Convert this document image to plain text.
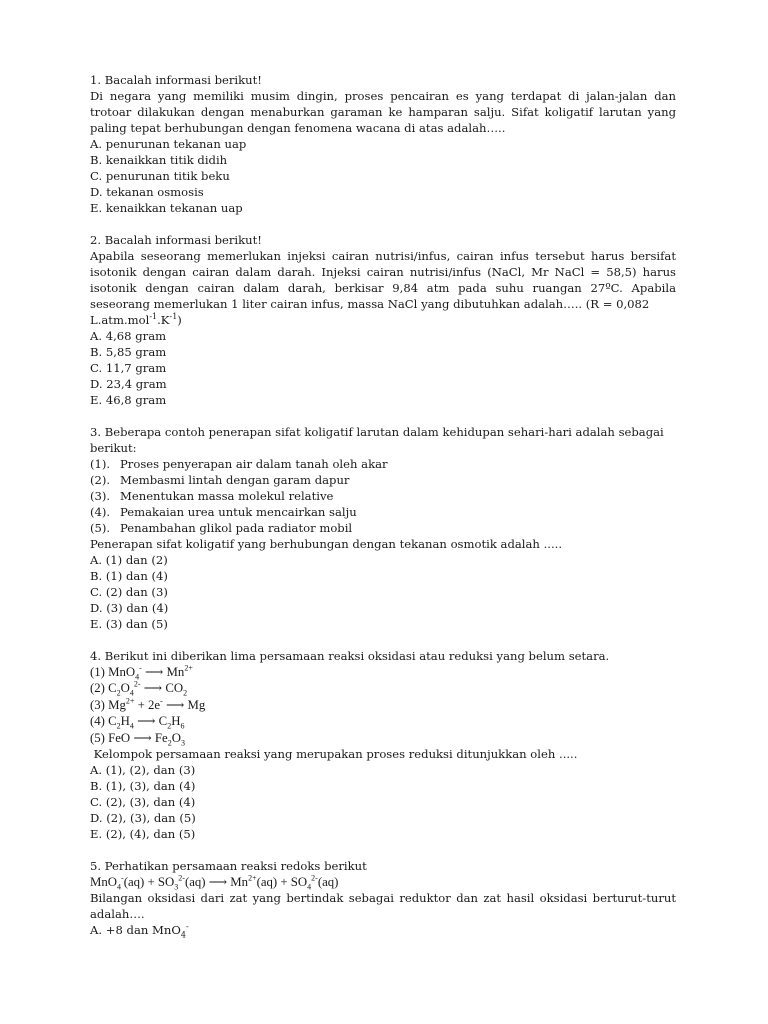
1. Bacalah informasi berikut!
Di negara yang memiliki musim dingin, proses pencairan es yang terdapat di jalan-jalan dan trotoar dilakukan dengan menaburkan garaman ke hamparan salju. Sifat koligatif larutan yang paling tepat berhubungan dengan fenomena wacana di atas adalah…..
A. penurunan tekanan uap
B. kenaikkan titik didih
C. penurunan titik beku
D. tekanan osmosis
E. kenaikkan tekanan uap
2. Bacalah informasi berikut!
Apabila seseorang memerlukan injeksi cairan nutrisi/infus, cairan infus tersebut harus bersifat isotonik dengan cairan dalam darah. Injeksi cairan nutrisi/infus (NaCl, Mr NaCl = 58,5) harus isotonik dengan cairan dalam darah, berkisar 9,84 atm pada suhu ruangan 27ºC. Apabila seseorang memerlukan 1 liter cairan infus, massa NaCl yang dibutuhkan adalah….. (R = 0,082
$L.atm.mol^{-1}.K^{-1}$)
A. 4,68 gram
B. 5,85 gram
C. 11,7 gram
D. 23,4 gram
E. 46,8 gram
3. Beberapa contoh penerapan sifat koligatif larutan dalam kehidupan sehari-hari adalah sebagai
berikut:
(1). Proses penyerapan air dalam tanah oleh akar
(2). Membasmi lintah dengan garam dapur
(3). Menentukan massa molekul relative
(4). Pemakaian urea untuk mencairkan salju
(5). Penambahan glikol pada radiator mobil
Penerapan sifat koligatif yang berhubungan dengan tekanan osmotik adalah .....
A. (1) dan (2)
B. (1) dan (4)
C. (2) dan (3)
D. (3) dan (4)
E. (3) dan (5)
4. Berikut ini diberikan lima persamaan reaksi oksidasi atau reduksi yang belum setara.
(1) MnO$_4$- ⟶ $Mn^{2+}$
(2) $C_2O_4^{2-}$ ⟶ $CO_2$
(3) $Mg^{2+} + 2e^-$ ⟶ Mg
(4) $C_2H_4$ ⟶ $C_2H_6$
(5) FeO ⟶ $Fe_2O_3$
Kelompok persamaan reaksi yang merupakan proses reduksi ditunjukkan oleh .....
A. (1), (2), dan (3)
B. (1), (3), dan (4)
C. (2), (3), dan (4)
D. (2), (3), dan (5)
E. (2), (4), dan (5)
5. Perhatikan persamaan reaksi redoks berikut
$MnO_4^-(aq) + SO_3^{2-}(aq)$ ⟶ $Mn^{2+}(aq) + SO_4^{2-}(aq)$
Bilangan oksidasi dari zat yang bertindak sebagai reduktor dan zat hasil oksidasi berturut-turut adalah….
A. +8 dan MnO$_4$-
